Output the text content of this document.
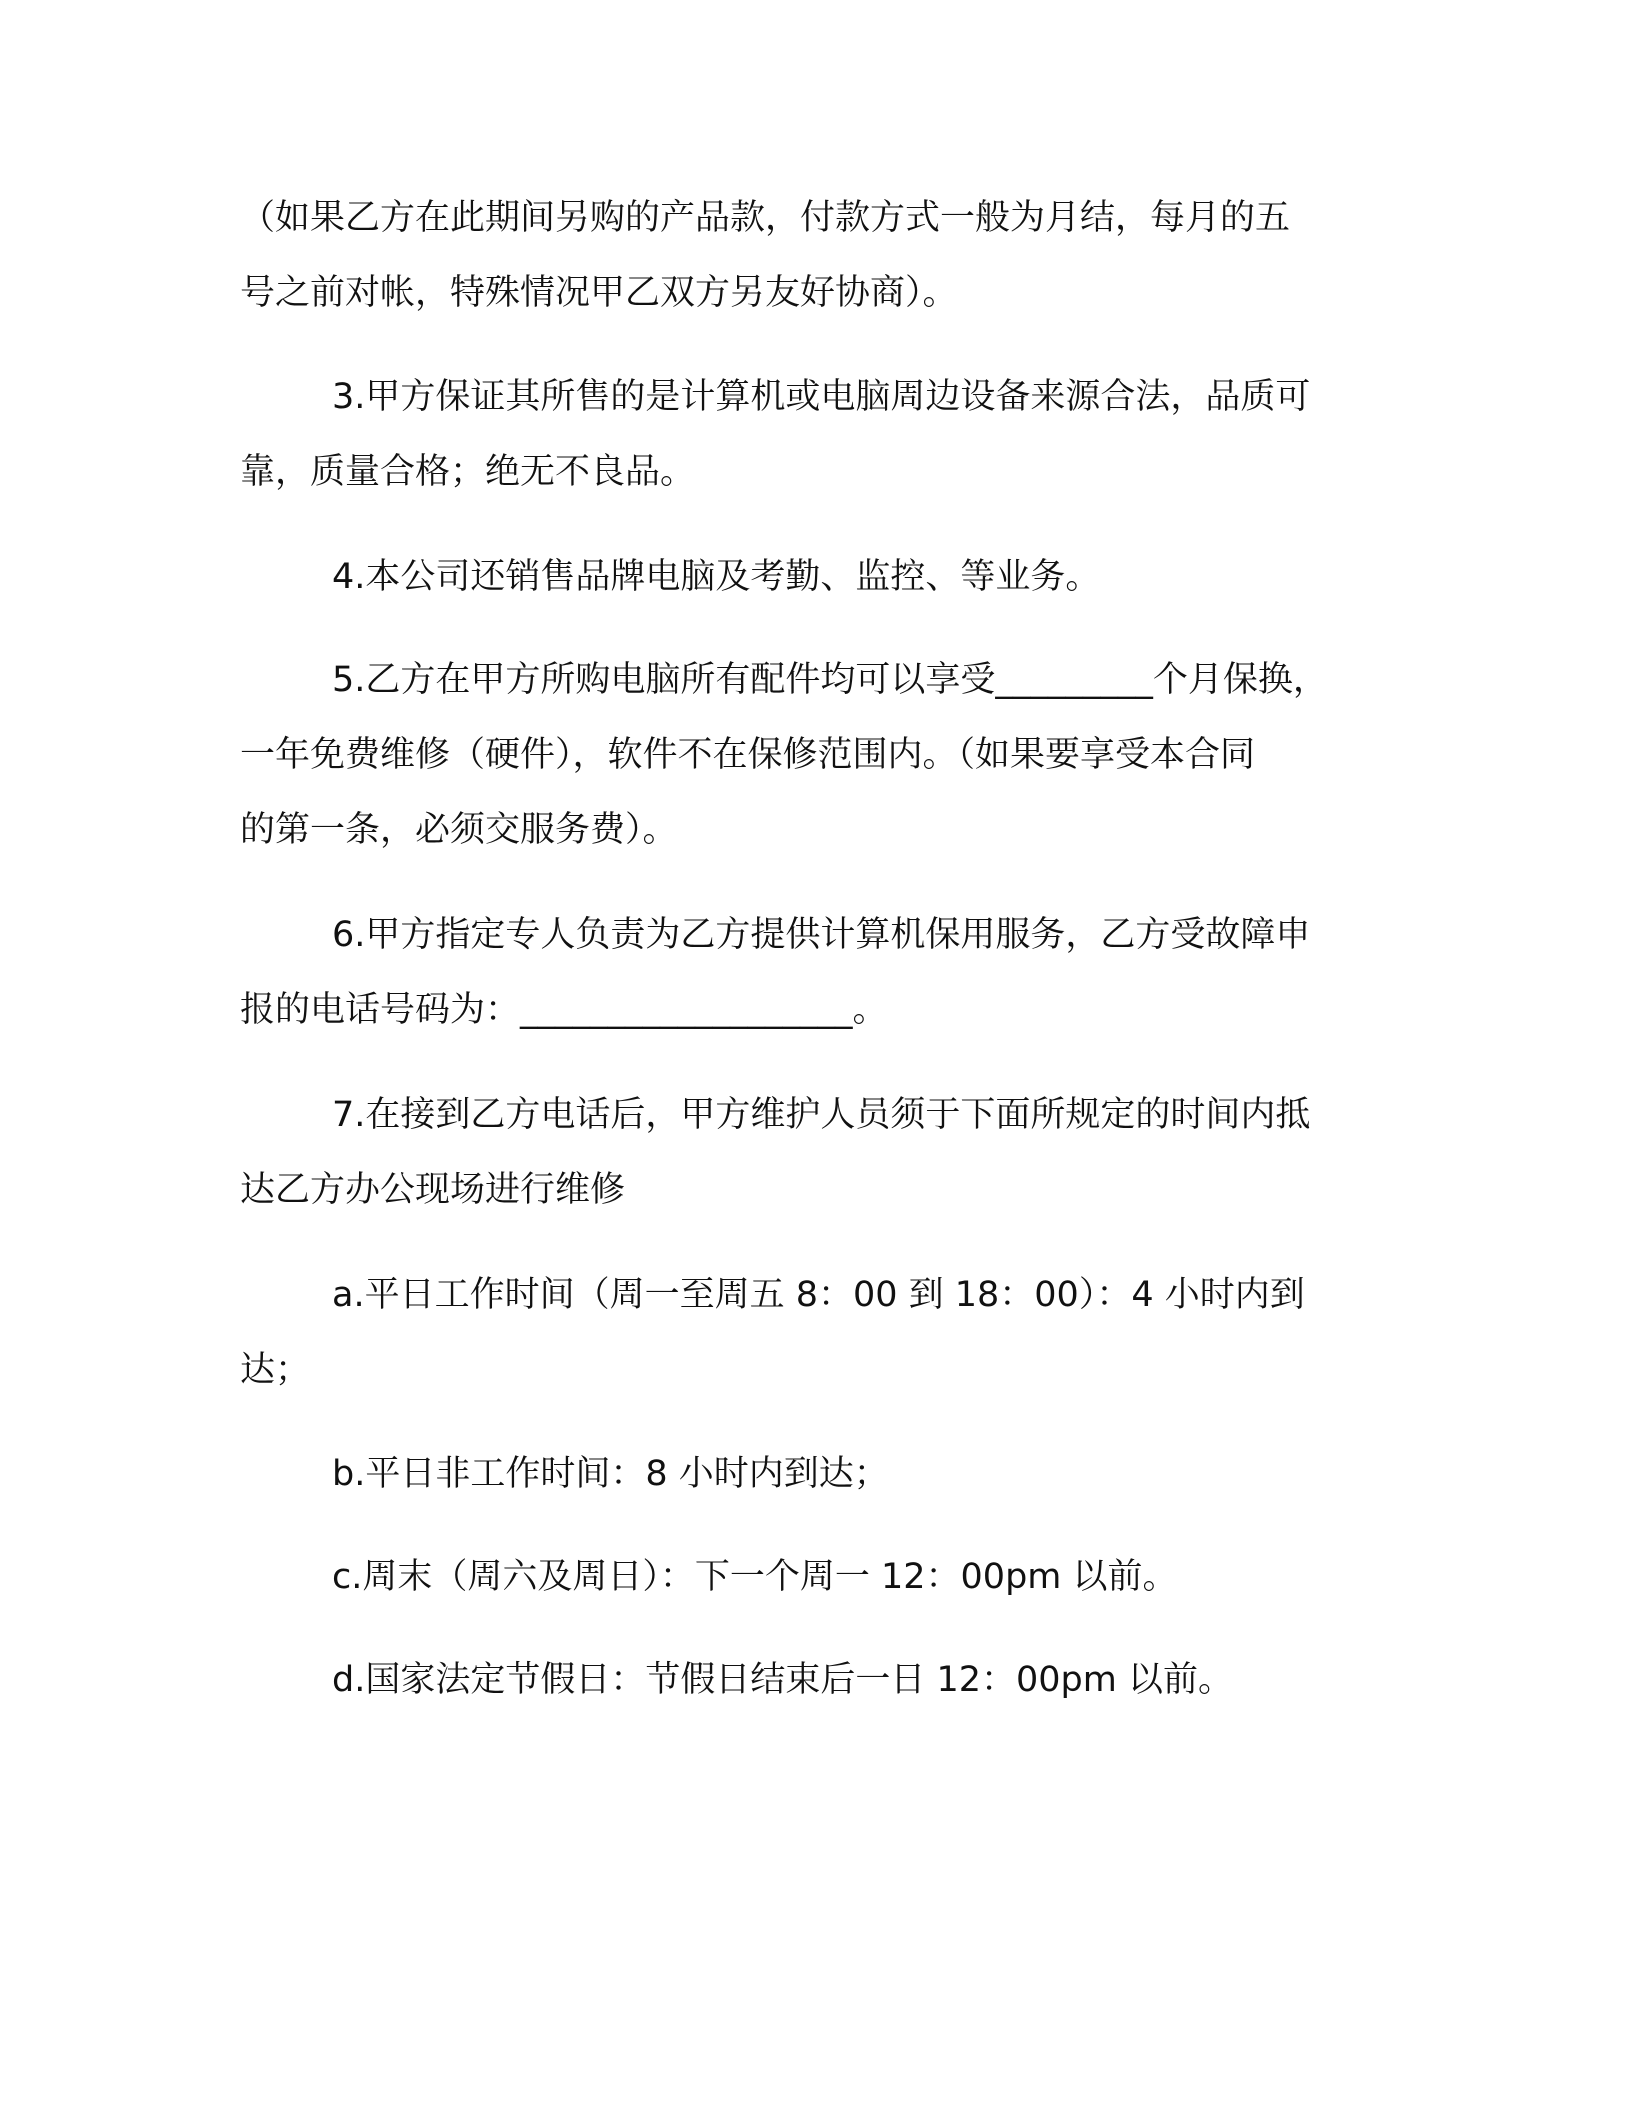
（如果乙方在此期间另购的产品款，付款方式一般为月结，每月的五
号之前对帐，特殊情况甲乙双方另友好协商）。
3.甲方保证其所售的是计算机或电脑周边设备来源合法，品质可
靠，质量合格；绝无不良品。
4.本公司还销售品牌电脑及考勤、监控、等业务。
5.乙方在甲方所购电脑所有配件均可以享受_________个月保换，
一年免费维修（硬件），软件不在保修范围内。（如果要享受本合同
的第一条，必须交服务费）。
6.甲方指定专人负责为乙方提供计算机保用服务，乙方受故障申
报的电话号码为：___________________。
7.在接到乙方电话后，甲方维护人员须于下面所规定的时间内抵
达乙方办公现场进行维修
a.平日工作时间（周一至周五 8：00 到 18：00）：4 小时内到
达；
b.平日非工作时间：8 小时内到达；
c.周末（周六及周日）：下一个周一 12：00pm 以前。
d.国家法定节假日：节假日结束后一日 12：00pm 以前。
